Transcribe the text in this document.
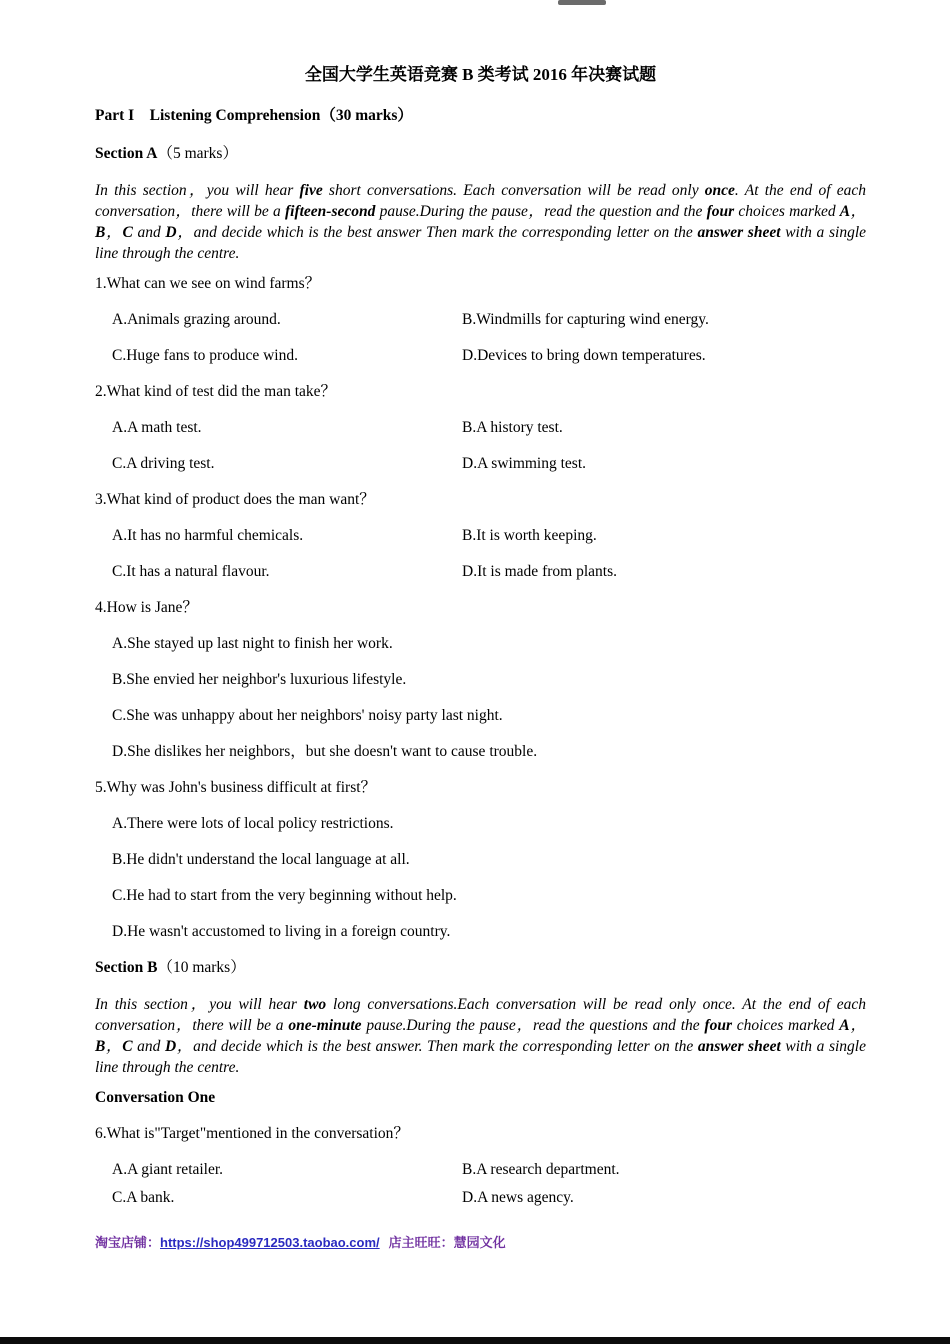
全国大学生英语竞赛 B 类考试 2016 年决赛试题
Part I    Listening Comprehension（30 marks）
Section A（5 marks）

In this section，you will hear five short conversations. Each conversation will be read only once. At the end of each conversation，there will be a fifteen-second pause.During the pause，read the question and the four choices marked A，B，C and D，and decide which is the best answer Then mark the corresponding letter on the answer sheet with a single line through the centre.

1.What can we see on wind farms？

A.Animals grazing around.	B.Windmills for capturing wind energy.

C.Huge fans to produce wind.	D.Devices to bring down temperatures.

2.What kind of test did the man take？

A.A math test.	B.A history test.

C.A driving test.	D.A swimming test.

3.What kind of product does the man want？

A.It has no harmful chemicals.	B.It is worth keeping.

C.It has a natural flavour.	D.It is made from plants.

4.How is Jane？

A.She stayed up last night to finish her work.

B.She envied her neighbor's luxurious lifestyle.

C.She was unhappy about her neighbors' noisy party last night.

D.She dislikes her neighbors，but she doesn't want to cause trouble.

5.Why was John's business difficult at first？

A.There were lots of local policy restrictions.

B.He didn't understand the local language at all.

C.He had to start from the very beginning without help.

D.He wasn't accustomed to living in a foreign country.

Section B（10 marks）

In this section，you will hear two long conversations.Each conversation will be read only once. At the end of each conversation，there will be a one-minute pause.During the pause，read the questions and the four choices marked A，B，C and D，and decide which is the best answer. Then mark the corresponding letter on the answer sheet with a single line through the centre.

Conversation One

6.What is"Target"mentioned in the conversation？

A.A giant retailer.	B.A research department.

C.A bank.	D.A news agency.

淘宝店铺：https://shop499712503.taobao.com/ 店主旺旺：慧园文化
